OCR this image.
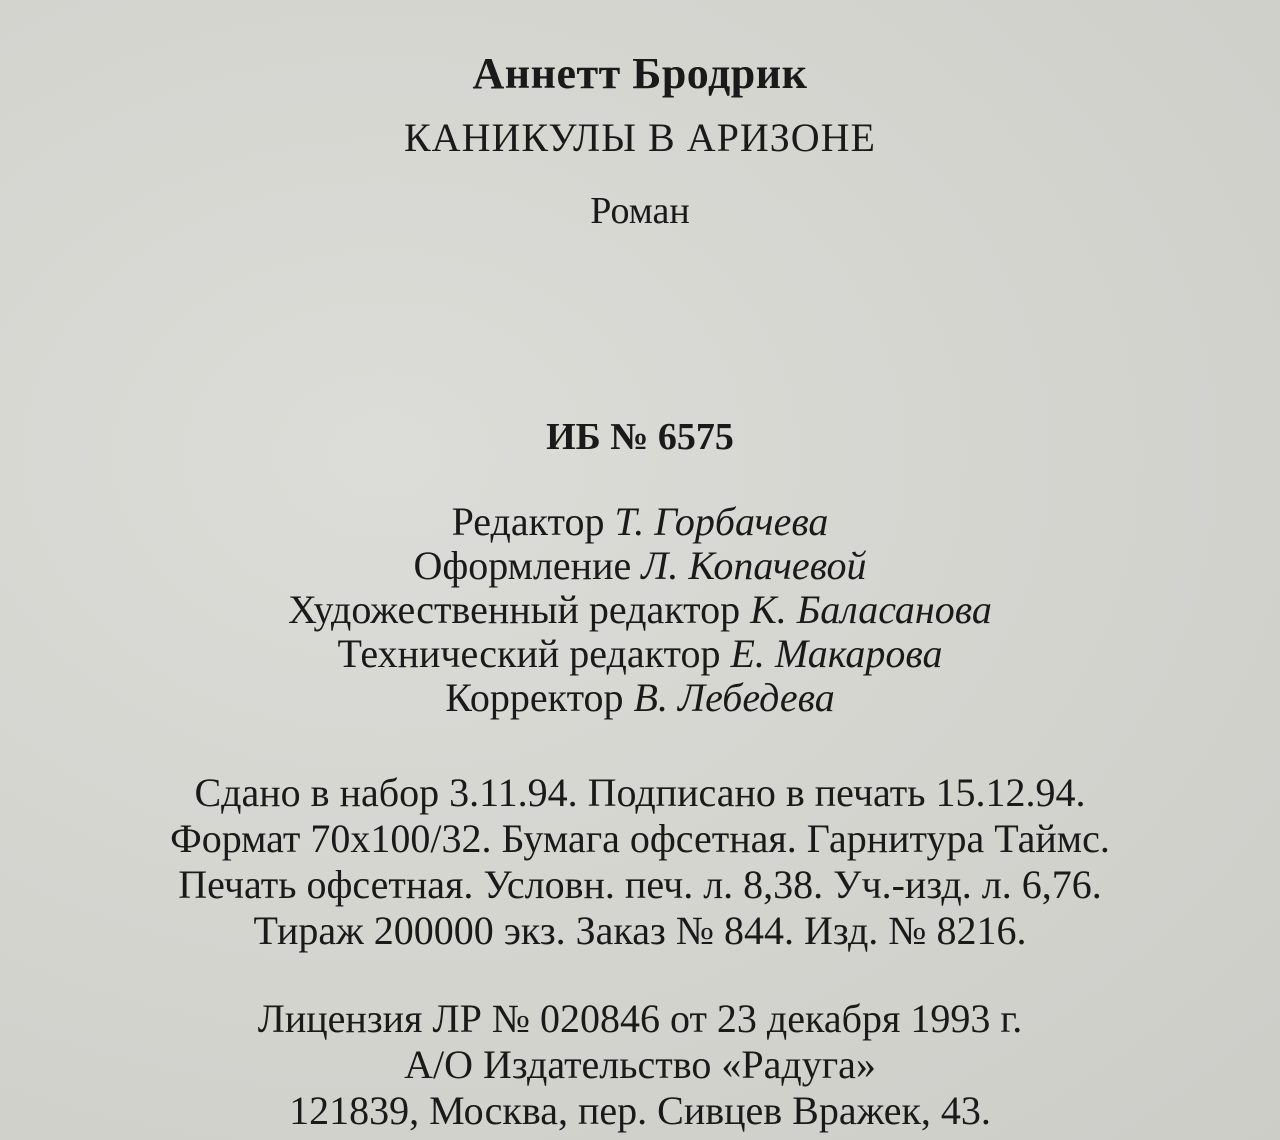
Аннетт Бродрик
КАНИКУЛЫ В АРИЗОНЕ
Роман
ИБ № 6575
Редактор Т. Горбачева
Оформление Л. Копачевой
Художественный редактор К. Баласанова
Технический редактор Е. Макарова
Корректор В. Лебедева
Сдано в набор 3.11.94. Подписано в печать 15.12.94.
Формат 70x100/32. Бумага офсетная. Гарнитура Таймс.
Печать офсетная. Условн. печ. л. 8,38. Уч.-изд. л. 6,76.
Тираж 200000 экз. Заказ № 844. Изд. № 8216.
Лицензия ЛР № 020846 от 23 декабря 1993 г.
А/О Издательство «Радуга»
121839, Москва, пер. Сивцев Вражек, 43.
